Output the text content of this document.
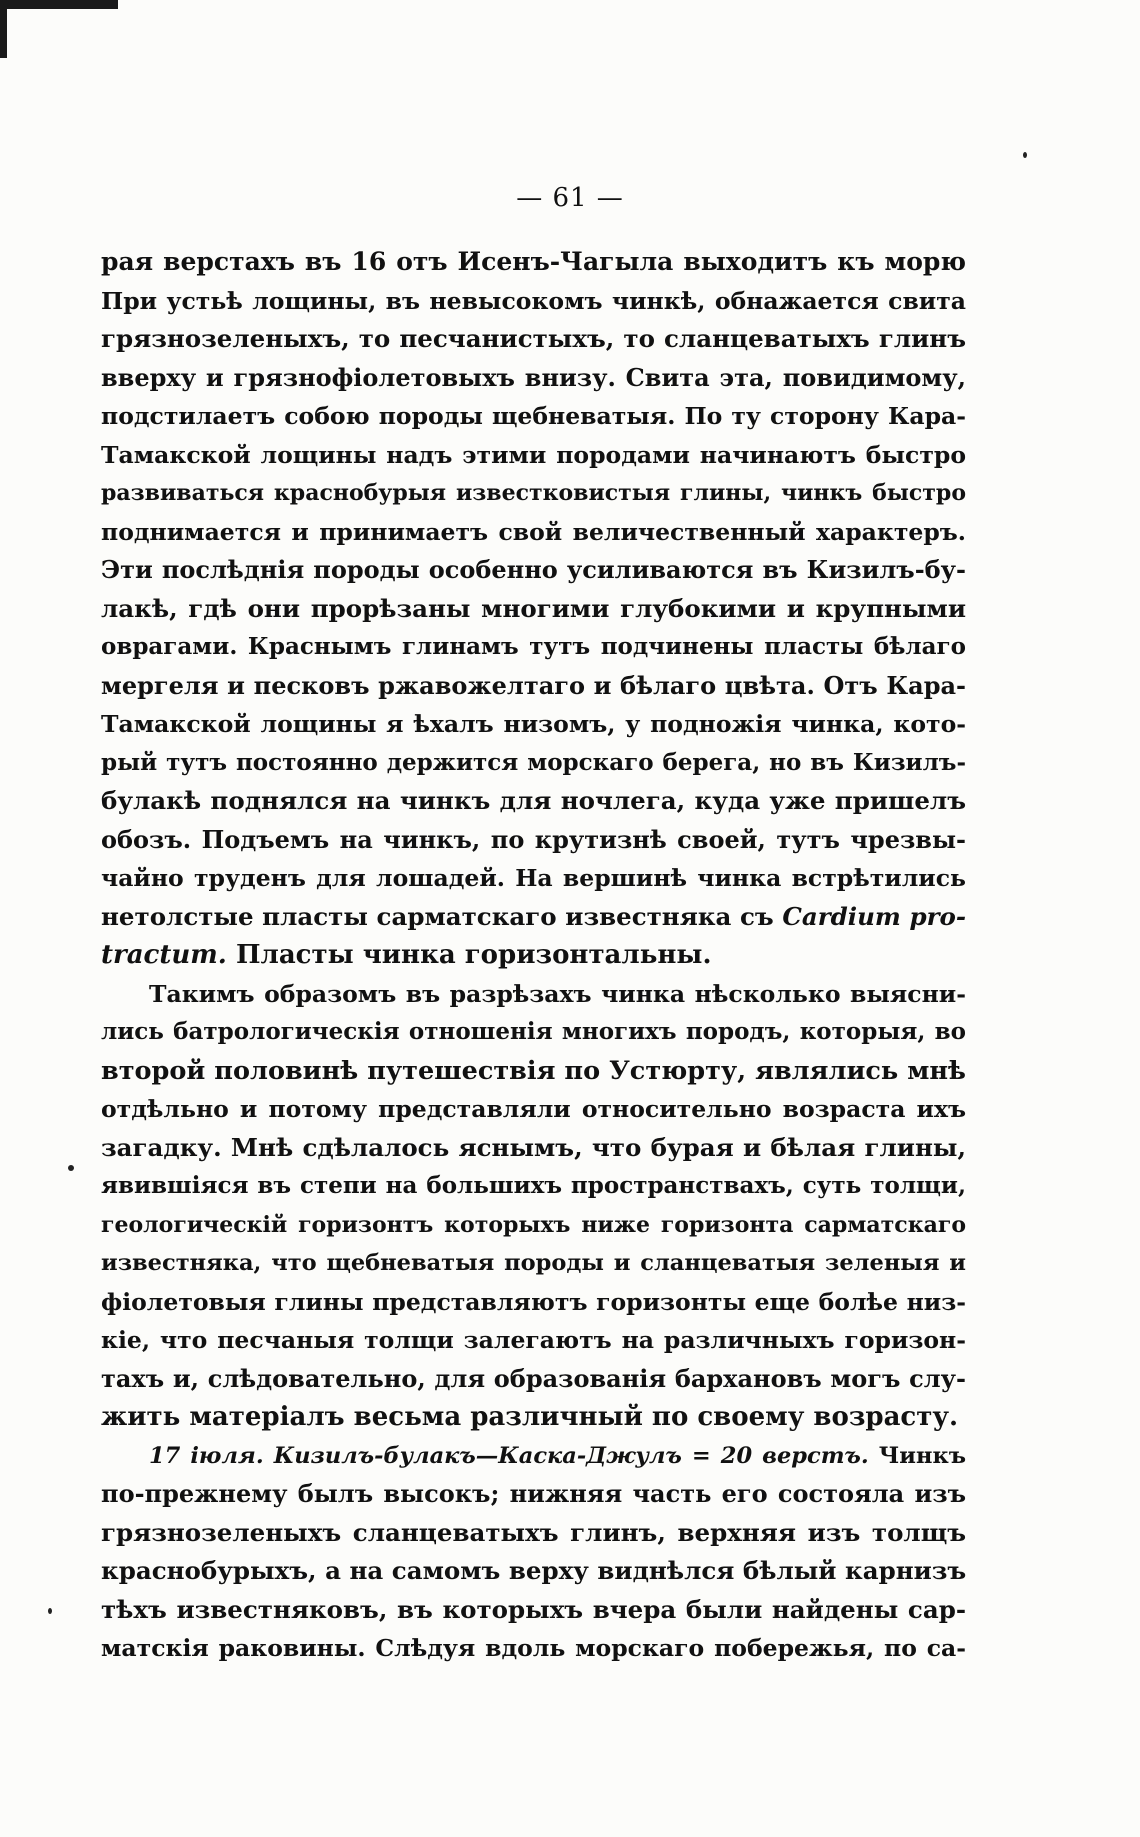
— 61 —
рая верстахъ въ 16 отъ Исенъ-Чагыла выходитъ къ морю
При устьѣ лощины, въ невысокомъ чинкѣ, обнажается свита
грязнозеленыхъ, то песчанистыхъ, то сланцеватыхъ глинъ
вверху и грязнофіолетовыхъ внизу. Свита эта, повидимому,
подстилаетъ собою породы щебневатыя. По ту сторону Кара-
Тамакской лощины надъ этими породами начинаютъ быстро
развиваться краснобурыя известковистыя глины, чинкъ быстро
поднимается и принимаетъ свой величественный характеръ.
Эти послѣднія породы особенно усиливаются въ Кизилъ-бу-
лакѣ, гдѣ они прорѣзаны многими глубокими и крупными
оврагами. Краснымъ глинамъ тутъ подчинены пласты бѣлаго
мергеля и песковъ ржавожелтаго и бѣлаго цвѣта. Отъ Кара-
Тамакской лощины я ѣхалъ низомъ, у подножія чинка, кото-
рый тутъ постоянно держится морскаго берега, но въ Кизилъ-
булакѣ поднялся на чинкъ для ночлега, куда уже пришелъ
обозъ. Подъемъ на чинкъ, по крутизнѣ своей, тутъ чрезвы-
чайно труденъ для лошадей. На вершинѣ чинка встрѣтились
нетолстые пласты сарматскаго известняка съ Cardium pro-
tractum. Пласты чинка горизонтальны.
Такимъ образомъ въ разрѣзахъ чинка нѣсколько выясни-
лись батрологическія отношенія многихъ породъ, которыя, во
второй половинѣ путешествія по Устюрту, являлись мнѣ
отдѣльно и потому представляли относительно возраста ихъ
загадку. Мнѣ сдѣлалось яснымъ, что бурая и бѣлая глины,
явившіяся въ степи на большихъ пространствахъ, суть толщи,
геологическій горизонтъ которыхъ ниже горизонта сарматскаго
известняка, что щебневатыя породы и сланцеватыя зеленыя и
фіолетовыя глины представляютъ горизонты еще болѣе низ-
кіе, что песчаныя толщи залегаютъ на различныхъ горизон-
тахъ и, слѣдовательно, для образованія бархановъ могъ слу-
жить матеріалъ весьма различный по своему возрасту.
17 іюля. Кизилъ-булакъ—Каска-Джулъ = 20 верстъ. Чинкъ
по-прежнему былъ высокъ; нижняя часть его состояла изъ
грязнозеленыхъ сланцеватыхъ глинъ, верхняя изъ толщъ
краснобурыхъ, а на самомъ верху виднѣлся бѣлый карнизъ
тѣхъ известняковъ, въ которыхъ вчера были найдены сар-
матскія раковины. Слѣдуя вдоль морскаго побережья, по са-
